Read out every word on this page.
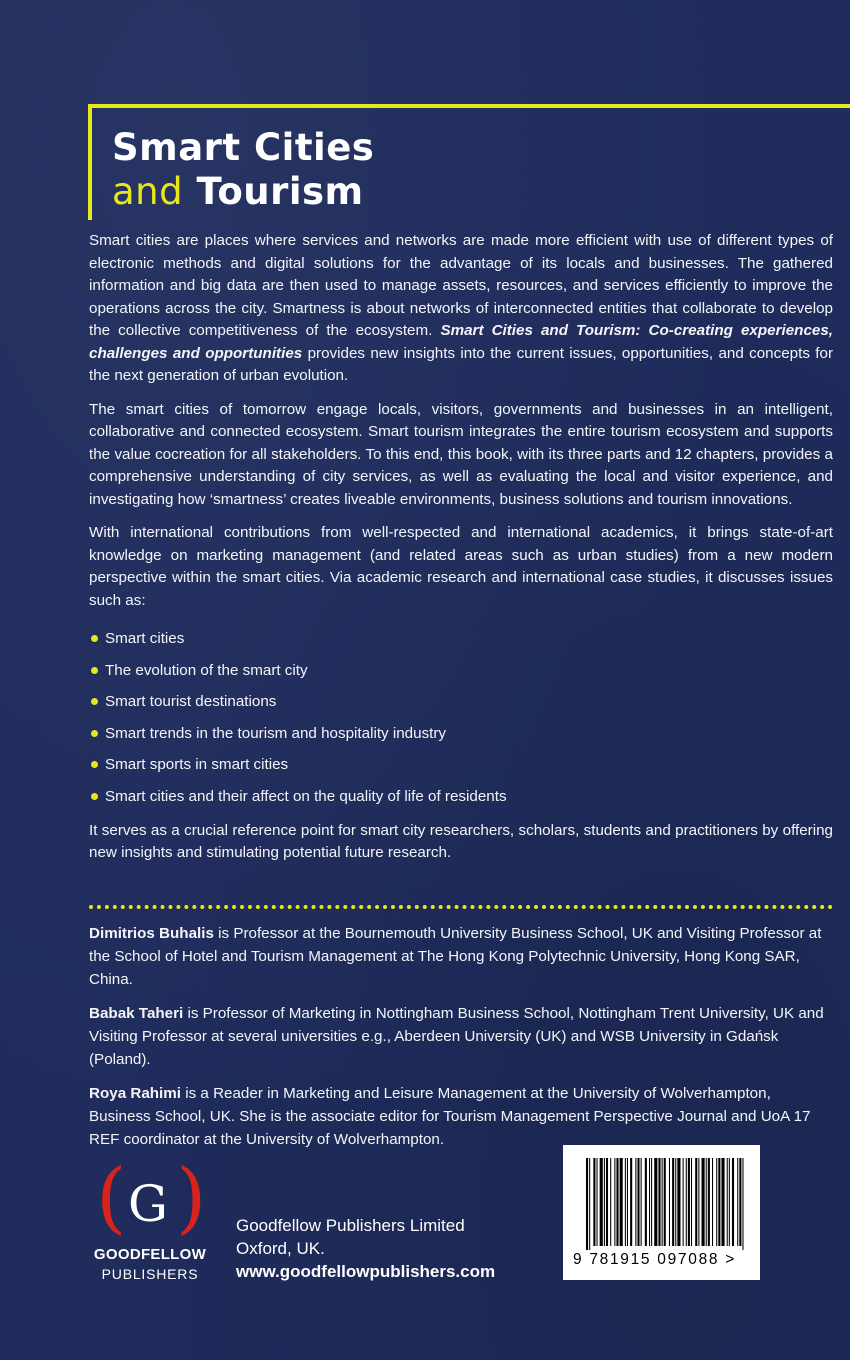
Smart Cities
and Tourism

Smart cities are places where services and networks are made more efficient with use of different types of electronic methods and digital solutions for the advantage of its locals and businesses. The gathered information and big data are then used to manage assets, resources, and services efficiently to improve the operations across the city. Smartness is about networks of interconnected entities that collaborate to develop the collective competitiveness of the ecosystem. Smart Cities and Tourism: Co-creating experiences, challenges and opportunities provides new insights into the current issues, opportunities, and concepts for the next generation of urban evolution.

The smart cities of tomorrow engage locals, visitors, governments and businesses in an intelligent, collaborative and connected ecosystem. Smart tourism integrates the entire tourism ecosystem and supports the value cocreation for all stakeholders. To this end, this book, with its three parts and 12 chapters, provides a comprehensive understanding of city services, as well as evaluating the local and visitor experience, and investigating how ‘smartness’ creates liveable environments, business solutions and tourism innovations.

With international contributions from well-respected and international academics, it brings state-of-art knowledge on marketing management (and related areas such as urban studies) from a new modern perspective within the smart cities. Via academic research and international case studies, it discusses issues such as:

Smart cities
The evolution of the smart city
Smart tourist destinations
Smart trends in the tourism and hospitality industry
Smart sports in smart cities
Smart cities and their affect on the quality of life of residents

It serves as a crucial reference point for smart city researchers, scholars, students and practitioners by offering new insights and stimulating potential future research.

Dimitrios Buhalis is Professor at the Bournemouth University Business School, UK and Visiting Professor at the School of Hotel and Tourism Management at The Hong Kong Polytechnic University, Hong Kong SAR, China.

Babak Taheri is Professor of Marketing in Nottingham Business School, Nottingham Trent University, UK and Visiting Professor at several universities e.g., Aberdeen University (UK) and WSB University in Gdańsk (Poland).

Roya Rahimi is a Reader in Marketing and Leisure Management at the University of Wolverhampton, Business School, UK. She is the associate editor for Tourism Management Perspective Journal and UoA 17 REF coordinator at the University of Wolverhampton.

( G )
GOODFELLOW
PUBLISHERS
Goodfellow Publishers Limited
Oxford, UK.
www.goodfellowpublishers.com
9 781915 097088 >
